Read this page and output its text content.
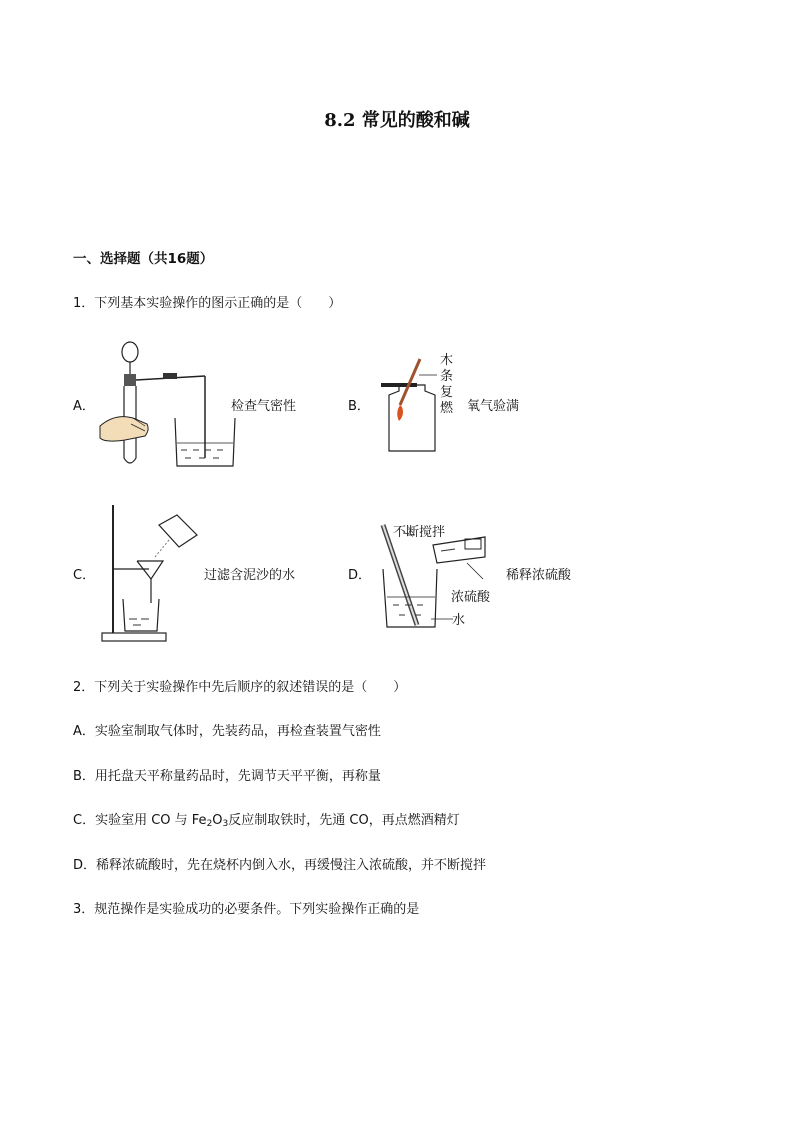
8.2 常见的酸和碱
一、选择题（共16题）
1．下列基本实验操作的图示正确的是（　　）
A．	检查气密性	B．
木
条
复
燃 氧气验满
C．	过滤含泥沙的水	D．
不断搅拌
稀释浓硫酸
浓硫酸
水
2．下列关于实验操作中先后顺序的叙述错误的是（　　）
A．实验室制取气体时，先装药品，再检查装置气密性
B．用托盘天平称量药品时，先调节天平平衡，再称量
C．实验室用 CO 与 $Fe_2O_3$反应制取铁时，先通 CO，再点燃酒精灯
D．稀释浓硫酸时，先在烧杯内倒入水，再缓慢注入浓硫酸，并不断搅拌
3．规范操作是实验成功的必要条件。下列实验操作正确的是
